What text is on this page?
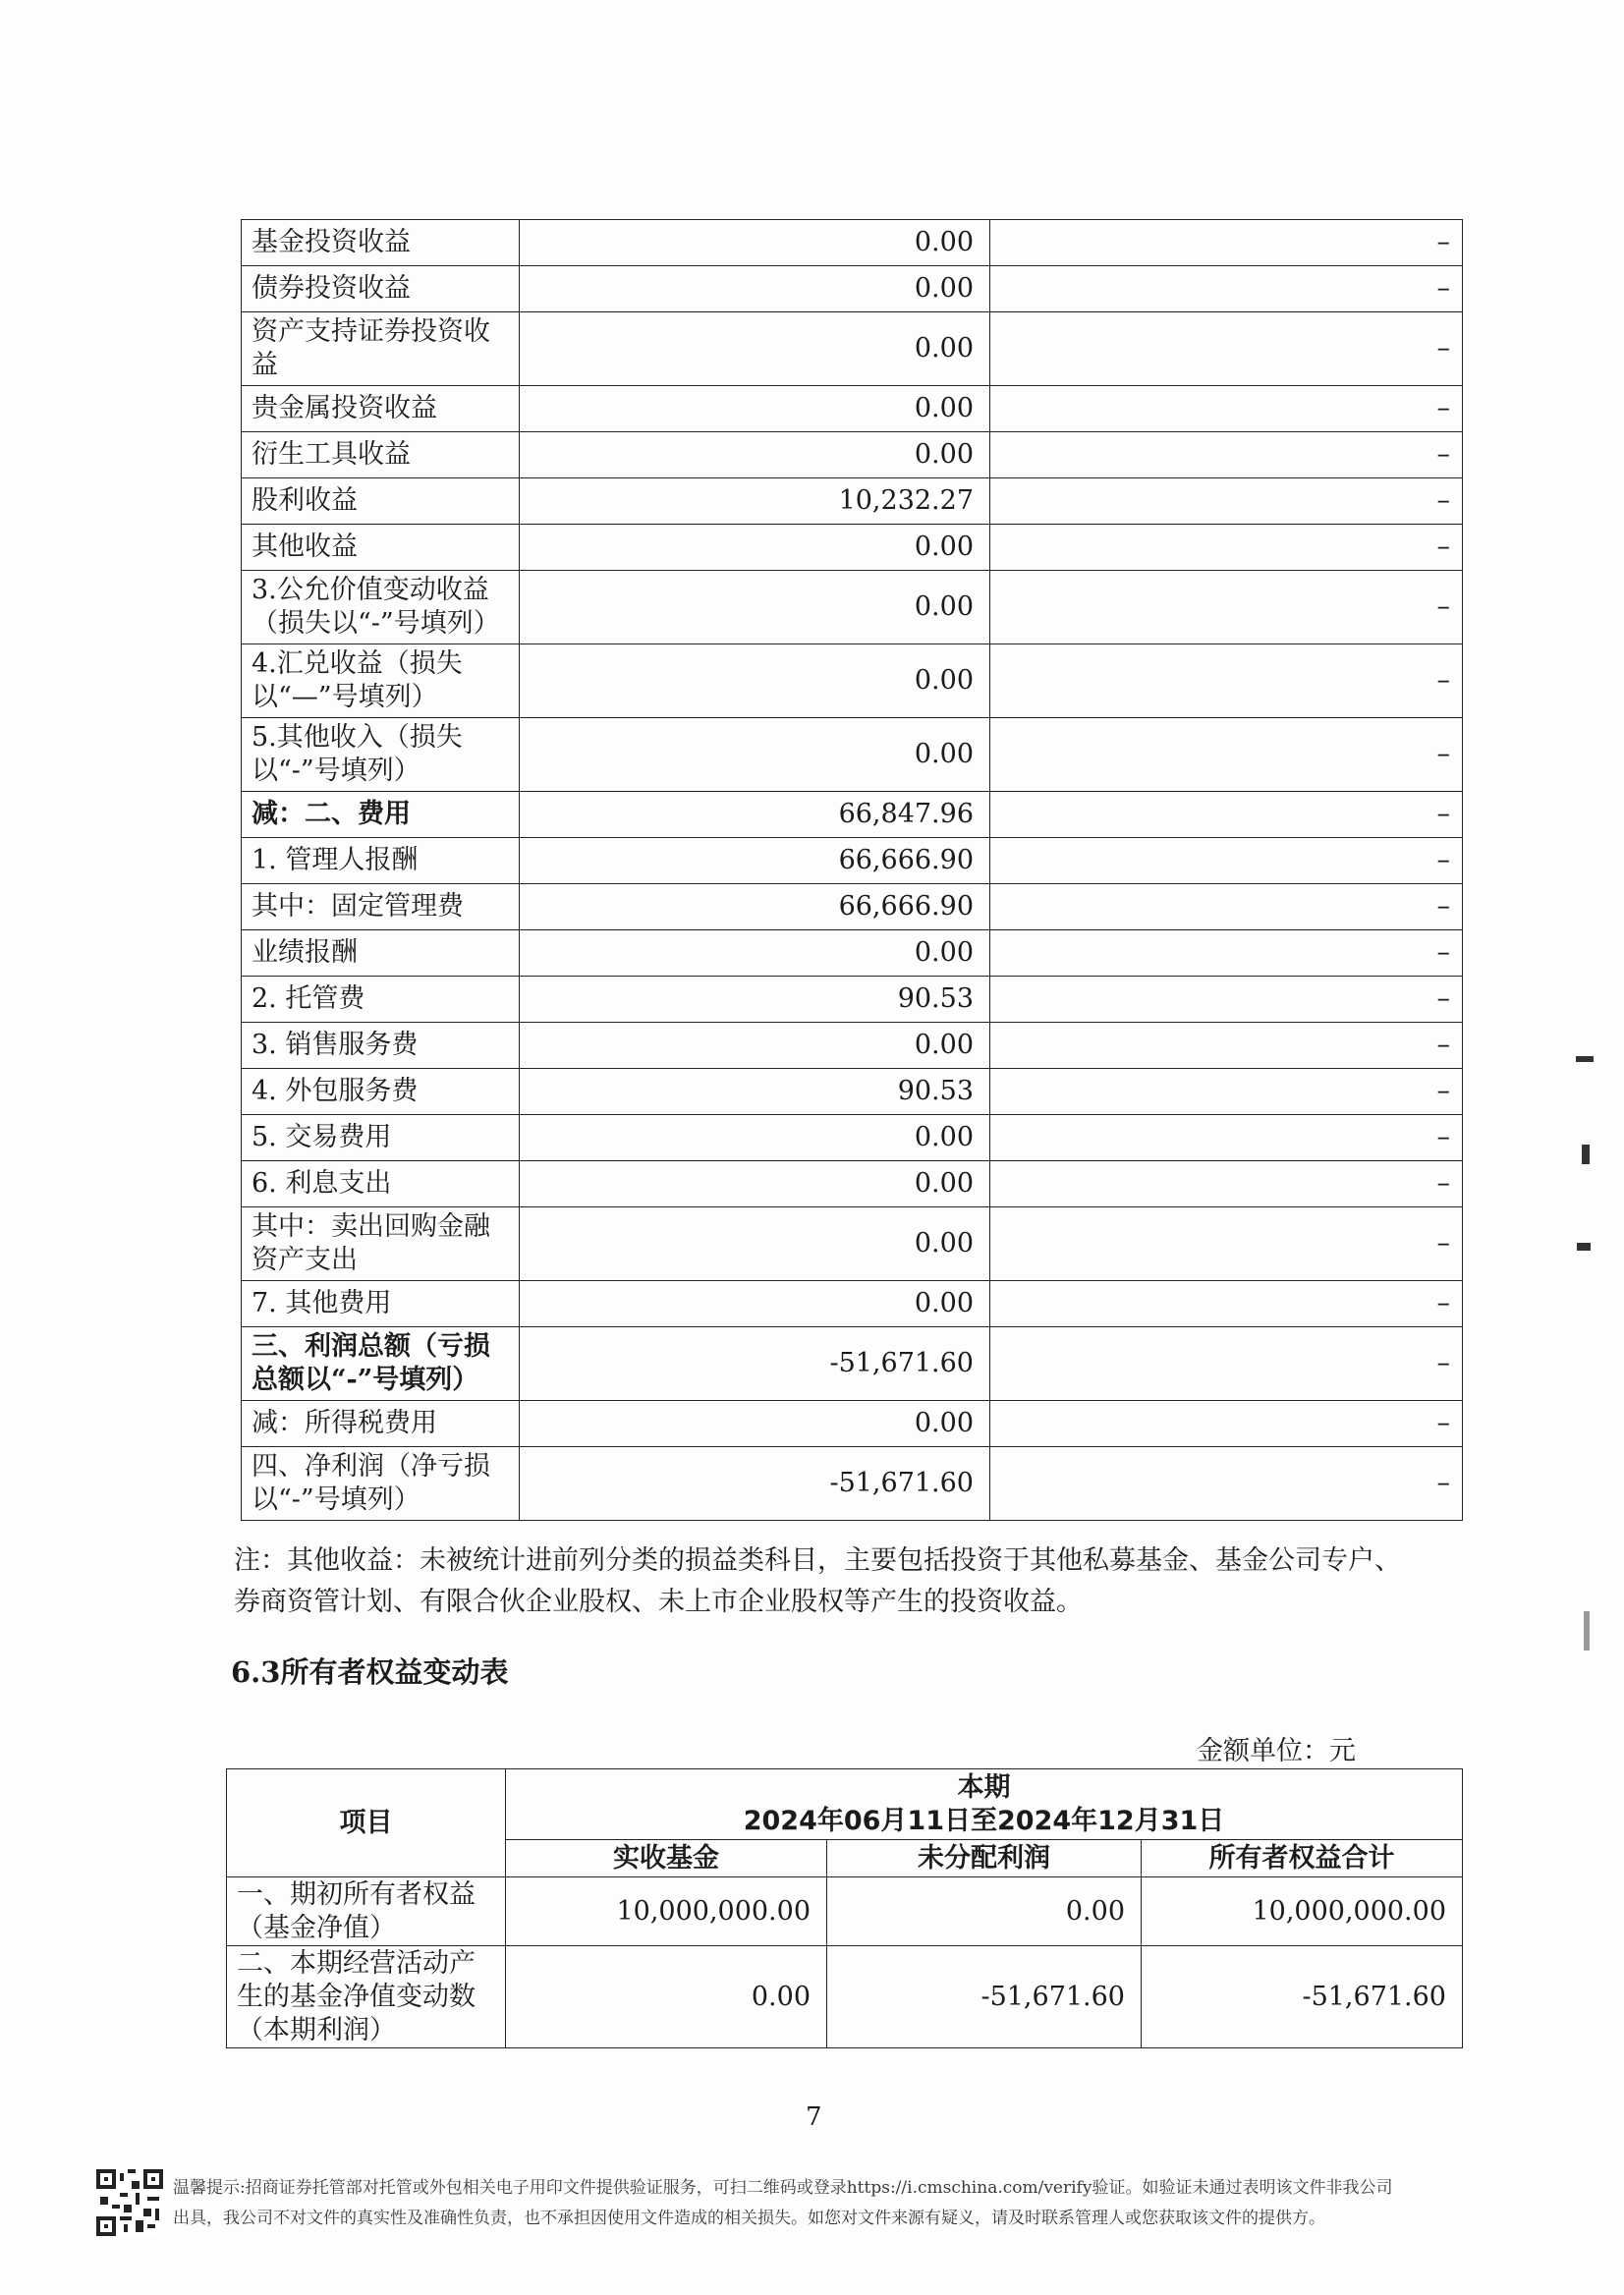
基金投资收益	0.00	–
债券投资收益	0.00	–
资产支持证券投资收益	0.00	–
贵金属投资收益	0.00	–
衍生工具收益	0.00	–
股利收益	10,232.27	–
其他收益	0.00	–
3.公允价值变动收益（损失以“-”号填列）	0.00	–
4.汇兑收益（损失以“—”号填列）	0.00	–
5.其他收入（损失以“-”号填列）	0.00	–
减：二、费用	66,847.96	–
1. 管理人报酬	66,666.90	–
其中：固定管理费	66,666.90	–
业绩报酬	0.00	–
2. 托管费	90.53	–
3. 销售服务费	0.00	–
4. 外包服务费	90.53	–
5. 交易费用	0.00	–
6. 利息支出	0.00	–
其中：卖出回购金融资产支出	0.00	–
7. 其他费用	0.00	–
三、利润总额（亏损总额以“-”号填列）	-51,671.60	–
减：所得税费用	0.00	–
四、净利润（净亏损以“-”号填列）	-51,671.60	–
注：其他收益：未被统计进前列分类的损益类科目，主要包括投资于其他私募基金、基金公司专户、券商资管计划、有限合伙企业股权、未上市企业股权等产生的投资收益。
6.3所有者权益变动表
金额单位：元
项目	本期
2024年06月11日至2024年12月31日		

	实收基金	未分配利润	所有者权益合计
一、期初所有者权益（基金净值）	10,000,000.00	0.00	10,000,000.00
二、本期经营活动产生的基金净值变动数（本期利润）	0.00	-51,671.60	-51,671.60
7
温馨提示:招商证券托管部对托管或外包相关电子用印文件提供验证服务，可扫二维码或登录https://i.cmschina.com/verify验证。如验证未通过表明该文件非我公司出具，我公司不对文件的真实性及准确性负责，也不承担因使用文件造成的相关损失。如您对文件来源有疑义，请及时联系管理人或您获取该文件的提供方。
